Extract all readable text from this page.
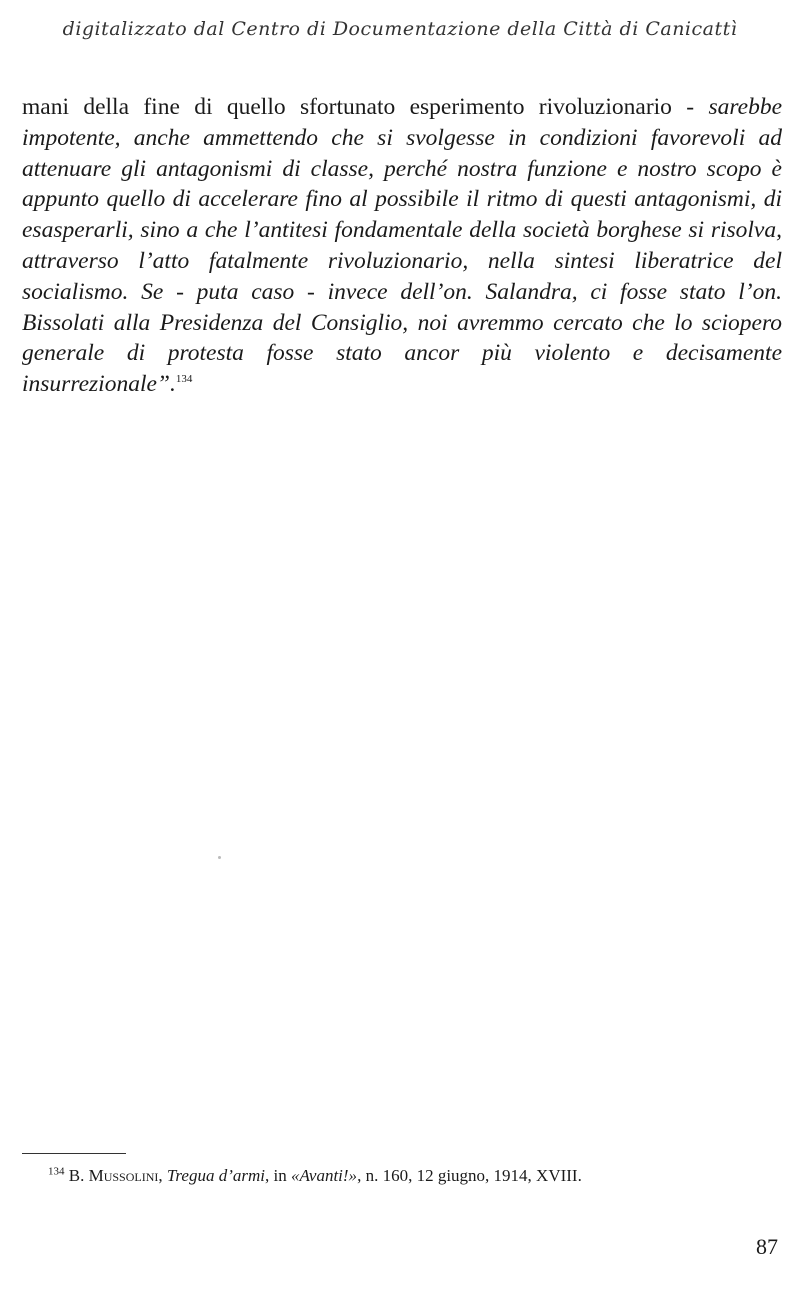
digitalizzato dal Centro di Documentazione della Città di Canicattì
mani della fine di quello sfortunato esperimento rivoluzionario - sarebbe impotente, anche ammettendo che si svolgesse in condizioni favorevoli ad attenuare gli antagonismi di classe, perché nostra funzione e nostro scopo è appunto quello di accelerare fino al possibile il ritmo di questi antagonismi, di esasperarli, sino a che l’antitesi fondamentale della società borghese si risolva, attraverso l’atto fatalmente rivoluzionario, nella sintesi liberatrice del socialismo. Se - puta caso - invece dell’on. Salandra, ci fosse stato l’on. Bissolati alla Presidenza del Consiglio, noi avremmo cercato che lo sciopero generale di protesta fosse stato ancor più violento e decisamente insurrezionale”.$^{134}$
$^{134}$ B. Mussolini, Tregua d’armi, in «Avanti!», n. 160, 12 giugno, 1914, XVIII.
87
